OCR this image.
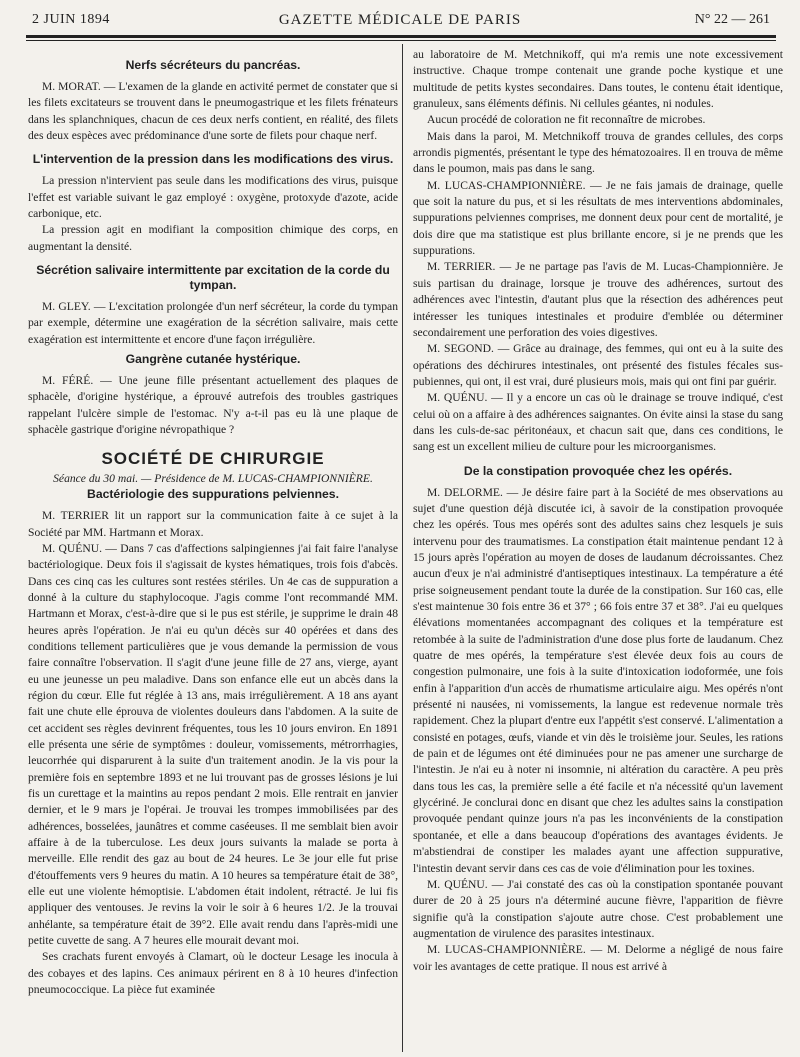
2 JUIN 1894	GAZETTE MÉDICALE DE PARIS	N° 22 — 261
Nerfs sécréteurs du pancréas.

M. MORAT. — L'examen de la glande en activité permet de constater que si les filets excitateurs se trouvent dans le pneumogastrique et les filets frénateurs dans les splanchniques, chacun de ces deux nerfs contient, en réalité, des filets des deux espèces avec prédominance d'une sorte de filets pour chaque nerf.

L'intervention de la pression dans les modifications des virus.

La pression n'intervient pas seule dans les modifications des virus, puisque l'effet est variable suivant le gaz employé : oxygène, protoxyde d'azote, acide carbonique, etc.

La pression agit en modifiant la composition chimique des corps, en augmentant la densité.

Sécrétion salivaire intermittente par excitation de la corde du tympan.

M. GLEY. — L'excitation prolongée d'un nerf sécréteur, la corde du tympan par exemple, détermine une exagération de la sécrétion salivaire, mais cette exagération est intermittente et encore d'une façon irrégulière.

Gangrène cutanée hystérique.

M. FÉRÉ. — Une jeune fille présentant actuellement des plaques de sphacèle, d'origine hystérique, a éprouvé autrefois des troubles gastriques rappelant l'ulcère simple de l'estomac. N'y a-t-il pas eu là une plaque de sphacèle gastrique d'origine névropathique ?

SOCIÉTÉ DE CHIRURGIE

Séance du 30 mai. — Présidence de M. LUCAS-CHAMPIONNIÈRE.

Bactériologie des suppurations pelviennes.

M. TERRIER lit un rapport sur la communication faite à ce sujet à la Société par MM. Hartmann et Morax.

M. QUÉNU. — Dans 7 cas d'affections salpingiennes j'ai fait faire l'analyse bactériologique. Deux fois il s'agissait de kystes hématiques, trois fois d'abcès. Dans ces cinq cas les cultures sont restées stériles. Un 4e cas de suppuration a donné à la culture du staphylocoque. J'agis comme l'ont recommandé MM. Hartmann et Morax, c'est-à-dire que si le pus est stérile, je supprime le drain 48 heures après l'opération. Je n'ai eu qu'un décès sur 40 opérées et dans des conditions tellement particulières que je vous demande la permission de vous faire connaître l'observation. Il s'agit d'une jeune fille de 27 ans, vierge, ayant eu une jeunesse un peu maladive. Dans son enfance elle eut un abcès dans la région du cœur. Elle fut réglée à 13 ans, mais irrégulièrement. A 18 ans ayant fait une chute elle éprouva de violentes douleurs dans l'abdomen. A la suite de cet accident ses règles devinrent fréquentes, tous les 10 jours environ. En 1891 elle présenta une série de symptômes : douleur, vomissements, métrorrhagies, leucorrhée qui disparurent à la suite d'un traitement anodin. Je la vis pour la première fois en septembre 1893 et ne lui trouvant pas de grosses lésions je lui fis un curettage et la maintins au repos pendant 2 mois. Elle rentrait en janvier dernier, et le 9 mars je l'opérai. Je trouvai les trompes immobilisées par des adhérences, bosselées, jaunâtres et comme caséeuses. Il me semblait bien avoir affaire à de la tuberculose. Les deux jours suivants la malade se porta à merveille. Elle rendit des gaz au bout de 24 heures. Le 3e jour elle fut prise d'étouffements vers 9 heures du matin. A 10 heures sa température était de 38°, elle eut une violente hémoptisie. L'abdomen était indolent, rétracté. Je lui fis appliquer des ventouses. Je revins la voir le soir à 6 heures 1/2. Je la trouvai anhélante, sa température était de 39°2. Elle avait rendu dans l'après-midi une petite cuvette de sang. A 7 heures elle mourait devant moi.

Ses crachats furent envoyés à Clamart, où le docteur Lesage les inocula à des cobayes et des lapins. Ces animaux périrent en 8 à 10 heures d'infection pneumococcique. La pièce fut examinée

au laboratoire de M. Metchnikoff, qui m'a remis une note excessivement instructive. Chaque trompe contenait une grande poche kystique et une multitude de petits kystes secondaires. Dans toutes, le contenu était identique, granuleux, sans éléments définis. Ni cellules géantes, ni nodules.

Aucun procédé de coloration ne fit reconnaître de microbes.

Mais dans la paroi, M. Metchnikoff trouva de grandes cellules, des corps arrondis pigmentés, présentant le type des hématozoaires. Il en trouva de même dans le poumon, mais pas dans le sang.

M. LUCAS-CHAMPIONNIÈRE. — Je ne fais jamais de drainage, quelle que soit la nature du pus, et si les résultats de mes interventions abdominales, suppurations pelviennes comprises, me donnent deux pour cent de mortalité, je dois dire que ma statistique est plus brillante encore, si je ne prends que les suppurations.

M. TERRIER. — Je ne partage pas l'avis de M. Lucas-Championnière. Je suis partisan du drainage, lorsque je trouve des adhérences, surtout des adhérences avec l'intestin, d'autant plus que la résection des adhérences peut intéresser les tuniques intestinales et produire d'emblée ou déterminer secondairement une perforation des voies digestives.

M. SEGOND. — Grâce au drainage, des femmes, qui ont eu à la suite des opérations des déchirures intestinales, ont présenté des fistules fécales sus-pubiennes, qui ont, il est vrai, duré plusieurs mois, mais qui ont fini par guérir.

M. QUÉNU. — Il y a encore un cas où le drainage se trouve indiqué, c'est celui où on a affaire à des adhérences saignantes. On évite ainsi la stase du sang dans les culs-de-sac péritonéaux, et chacun sait que, dans ces conditions, le sang est un excellent milieu de culture pour les microorganismes.

De la constipation provoquée chez les opérés.

M. DELORME. — Je désire faire part à la Société de mes observations au sujet d'une question déjà discutée ici, à savoir de la constipation provoquée chez les opérés. Tous mes opérés sont des adultes sains chez lesquels je suis intervenu pour des traumatismes. La constipation était maintenue pendant 12 à 15 jours après l'opération au moyen de doses de laudanum décroissantes. Chez aucun d'eux je n'ai administré d'antiseptiques intestinaux. La température a été prise soigneusement pendant toute la durée de la constipation. Sur 160 cas, elle s'est maintenue 30 fois entre 36 et 37° ; 66 fois entre 37 et 38°. J'ai eu quelques élévations momentanées accompagnant des coliques et la température est retombée à la suite de l'administration d'une dose plus forte de laudanum. Chez quatre de mes opérés, la température s'est élevée deux fois au cours de congestion pulmonaire, une fois à la suite d'intoxication iodoformée, une fois enfin à l'apparition d'un accès de rhumatisme articulaire aigu. Mes opérés n'ont présenté ni nausées, ni vomissements, la langue est redevenue normale très rapidement. Chez la plupart d'entre eux l'appétit s'est conservé. L'alimentation a consisté en potages, œufs, viande et vin dès le troisième jour. Seules, les rations de pain et de légumes ont été diminuées pour ne pas amener une surcharge de l'intestin. Je n'ai eu à noter ni insomnie, ni altération du caractère. A peu près dans tous les cas, la première selle a été facile et n'a nécessité qu'un lavement glycériné. Je conclurai donc en disant que chez les adultes sains la constipation provoquée pendant quinze jours n'a pas les inconvénients de la constipation spontanée, et elle a dans beaucoup d'opérations des avantages évidents. Je m'abstiendrai de constiper les malades ayant une affection suppurative, l'intestin devant servir dans ces cas de voie d'élimination pour les toxines.

M. QUÉNU. — J'ai constaté des cas où la constipation spontanée pouvant durer de 20 à 25 jours n'a déterminé aucune fièvre, l'apparition de fièvre signifie qu'à la constipation s'ajoute autre chose. C'est probablement une augmentation de virulence des parasites intestinaux.

M. LUCAS-CHAMPIONNIÈRE. — M. Delorme a négligé de nous faire voir les avantages de cette pratique. Il nous est arrivé à
